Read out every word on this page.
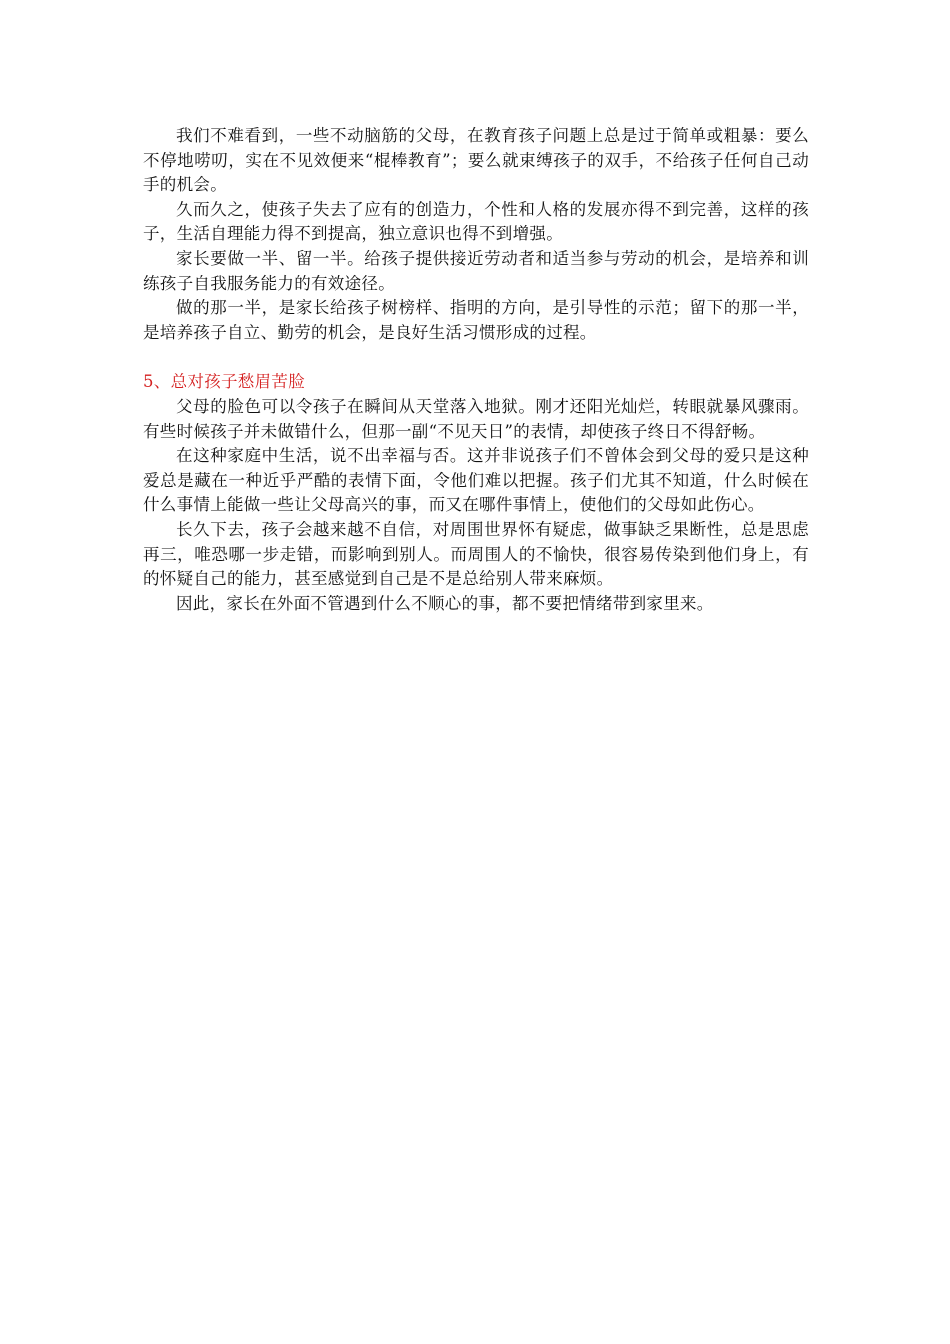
我们不难看到，一些不动脑筋的父母，在教育孩子问题上总是过于简单或粗暴：要么不停地唠叨，实在不见效便来“棍棒教育”；要么就束缚孩子的双手，不给孩子任何自己动手的机会。

久而久之，使孩子失去了应有的创造力，个性和人格的发展亦得不到完善，这样的孩子，生活自理能力得不到提高，独立意识也得不到增强。

家长要做一半、留一半。给孩子提供接近劳动者和适当参与劳动的机会，是培养和训练孩子自我服务能力的有效途径。

做的那一半，是家长给孩子树榜样、指明的方向，是引导性的示范；留下的那一半，是培养孩子自立、勤劳的机会，是良好生活习惯形成的过程。

5、总对孩子愁眉苦脸

父母的脸色可以令孩子在瞬间从天堂落入地狱。刚才还阳光灿烂，转眼就暴风骤雨。有些时候孩子并未做错什么，但那一副“不见天日”的表情，却使孩子终日不得舒畅。

在这种家庭中生活，说不出幸福与否。这并非说孩子们不曾体会到父母的爱只是这种爱总是藏在一种近乎严酷的表情下面，令他们难以把握。孩子们尤其不知道，什么时候在什么事情上能做一些让父母高兴的事，而又在哪件事情上，使他们的父母如此伤心。

长久下去，孩子会越来越不自信，对周围世界怀有疑虑，做事缺乏果断性，总是思虑再三，唯恐哪一步走错，而影响到别人。而周围人的不愉快，很容易传染到他们身上，有的怀疑自己的能力，甚至感觉到自己是不是总给别人带来麻烦。

因此，家长在外面不管遇到什么不顺心的事，都不要把情绪带到家里来。
